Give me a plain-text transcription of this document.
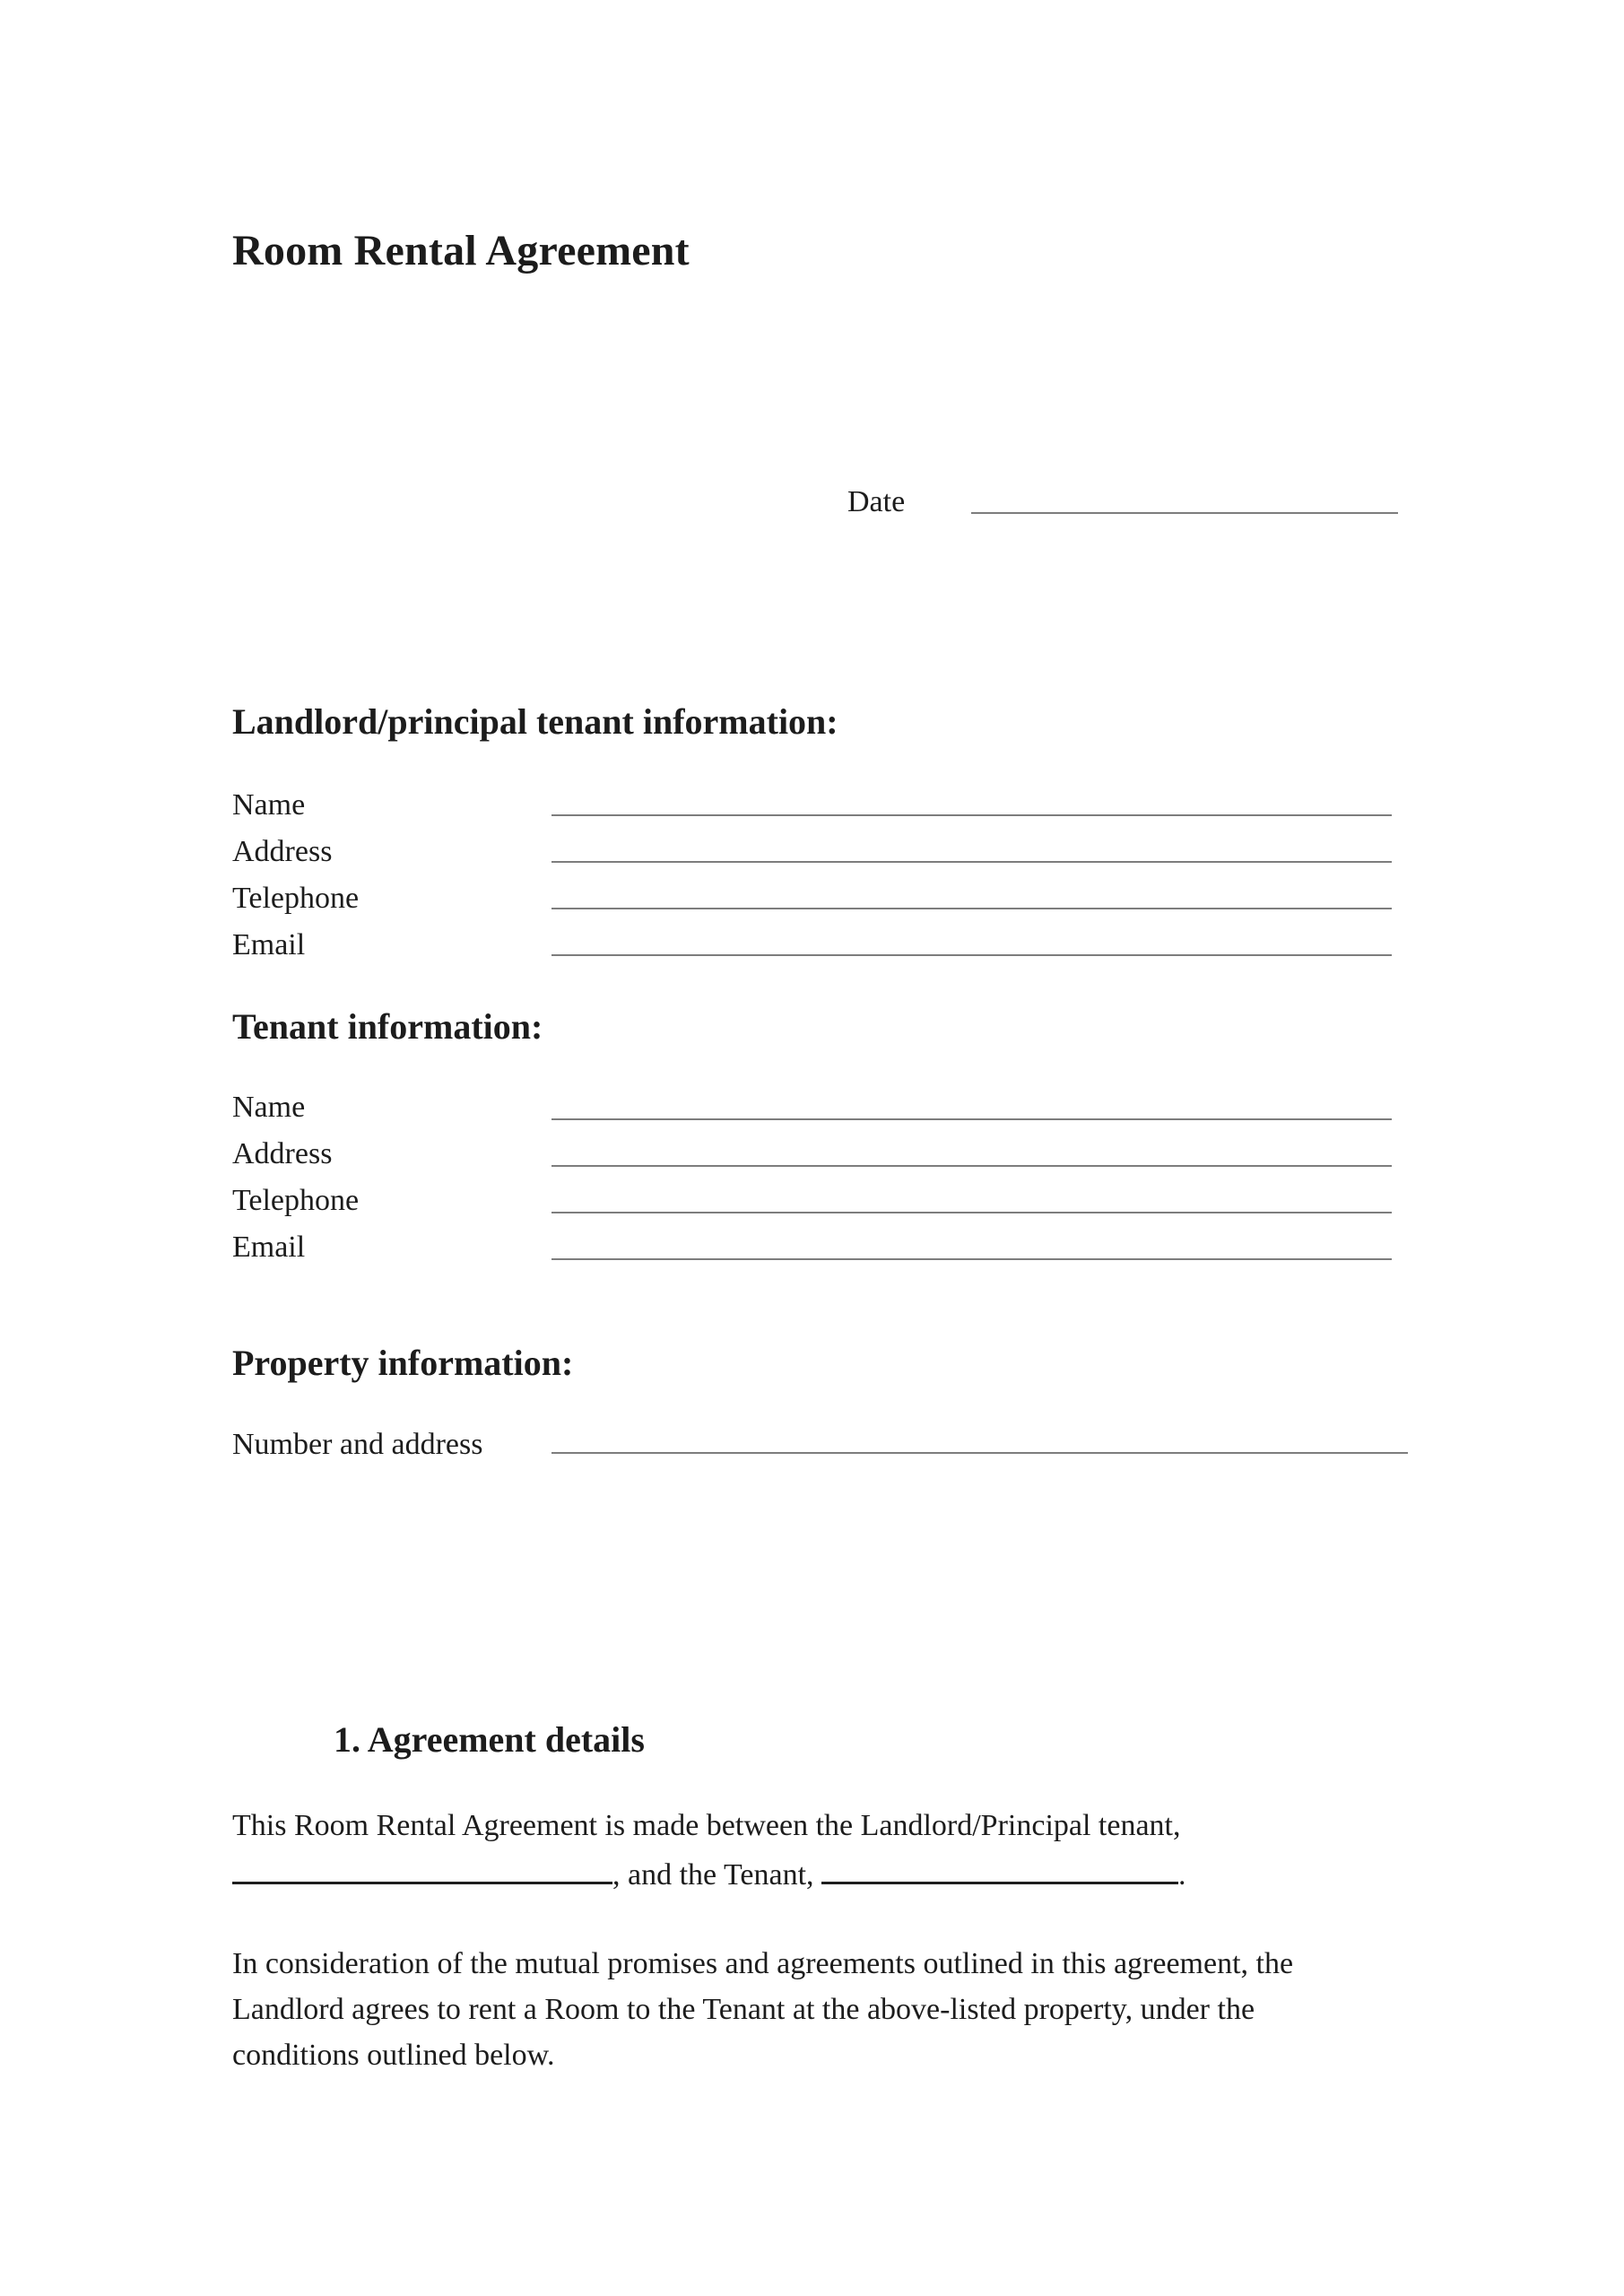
Room Rental Agreement
Date
Landlord/principal tenant information:
Name
Address
Telephone
Email
Tenant information:
Name
Address
Telephone
Email
Property information:
Number and address
1. Agreement details
This Room Rental Agreement is made between the Landlord/Principal tenant,
, and the Tenant,	.
In consideration of the mutual promises and agreements outlined in this agreement, the
Landlord agrees to rent a Room to the Tenant at the above-listed property, under the
conditions outlined below.
